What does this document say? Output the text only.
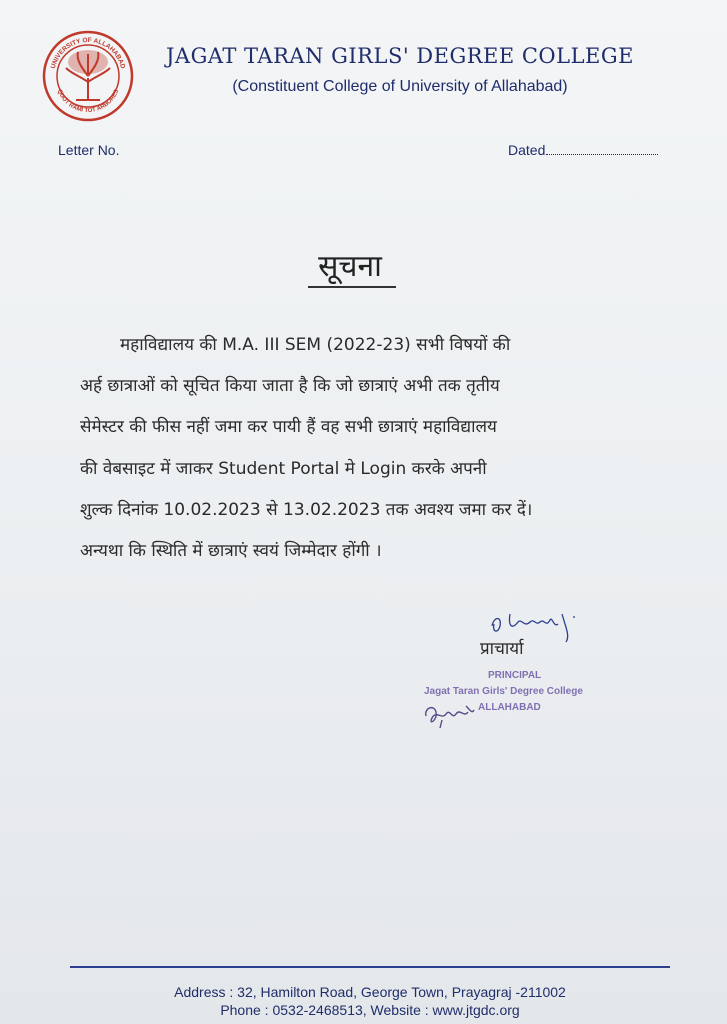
UNIVERSITY OF ALLAHABAD
QUOT RAMI TOT ARBORES
JAGAT TARAN GIRLS' DEGREE COLLEGE
(Constituent College of University of Allahabad)
Letter No.	Dated
सूचना
महाविद्यालय की M.A. III SEM (2022-23) सभी विषयों की
अर्ह छात्राओं को सूचित किया जाता है कि जो छात्राएं अभी तक तृतीय
सेमेस्टर की फीस नहीं जमा कर पायी हैं वह सभी छात्राएं महाविद्यालय
की वेबसाइट में जाकर Student Portal मे Login करके अपनी
शुल्क दिनांक 10.02.2023 से 13.02.2023 तक अवश्य जमा कर दें।
अन्यथा कि स्थिति में छात्राएं स्वयं जिम्मेदार होंगी ।
प्राचार्या
PRINCIPAL
Jagat Taran Girls' Degree College
ALLAHABAD
Address : 32, Hamilton Road, George Town, Prayagraj -211002
Phone : 0532-2468513, Website : www.jtgdc.org
